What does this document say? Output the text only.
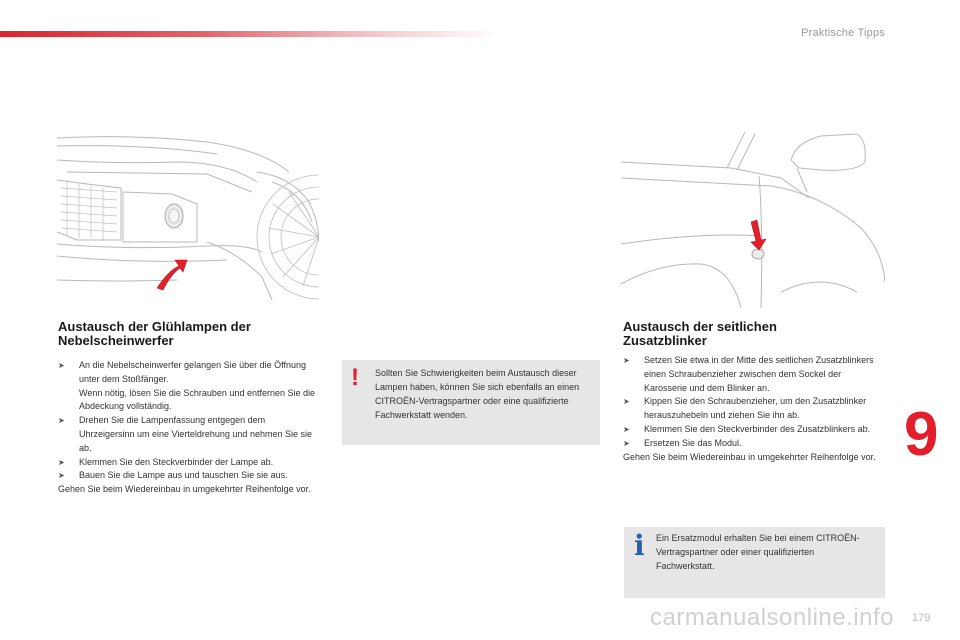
Praktische Tipps
Austausch der Glühlampen der
Nebelscheinwerfer
➤ An die Nebelscheinwerfer gelangen Sie über die Öffnung unter dem Stoßfänger.
Wenn nötig, lösen Sie die Schrauben und entfernen Sie die Abdeckung vollständig.
➤ Drehen Sie die Lampenfassung entgegen dem Uhrzeigersinn um eine Vierteldrehung und nehmen Sie sie ab.
➤ Klemmen Sie den Steckverbinder der Lampe ab.
➤ Bauen Sie die Lampe aus und tauschen Sie sie aus.
Gehen Sie beim Wiedereinbau in umgekehrter Reihenfolge vor.
! Sollten Sie Schwierigkeiten beim Austausch dieser Lampen haben, können Sie sich ebenfalls an einen CITROËN-Vertragspartner oder eine qualifizierte Fachwerkstatt wenden.
Austausch der seitlichen
Zusatzblinker
➤ Setzen Sie etwa in der Mitte des seitlichen Zusatzblinkers einen Schraubenzieher zwischen dem Sockel der Karosserie und dem Blinker an.
➤ Kippen Sie den Schraubenzieher, um den Zusatzblinker herauszuhebeln und ziehen Sie ihn ab.
➤ Klemmen Sie den Steckverbinder des Zusatzblinkers ab.
➤ Ersetzen Sie das Modul.
Gehen Sie beim Wiedereinbau in umgekehrter Reihenfolge vor.
i Ein Ersatzmodul erhalten Sie bei einem CITROËN-Vertragspartner oder einer qualifizierten Fachwerkstatt.
9
carmanualsonline.info 179
